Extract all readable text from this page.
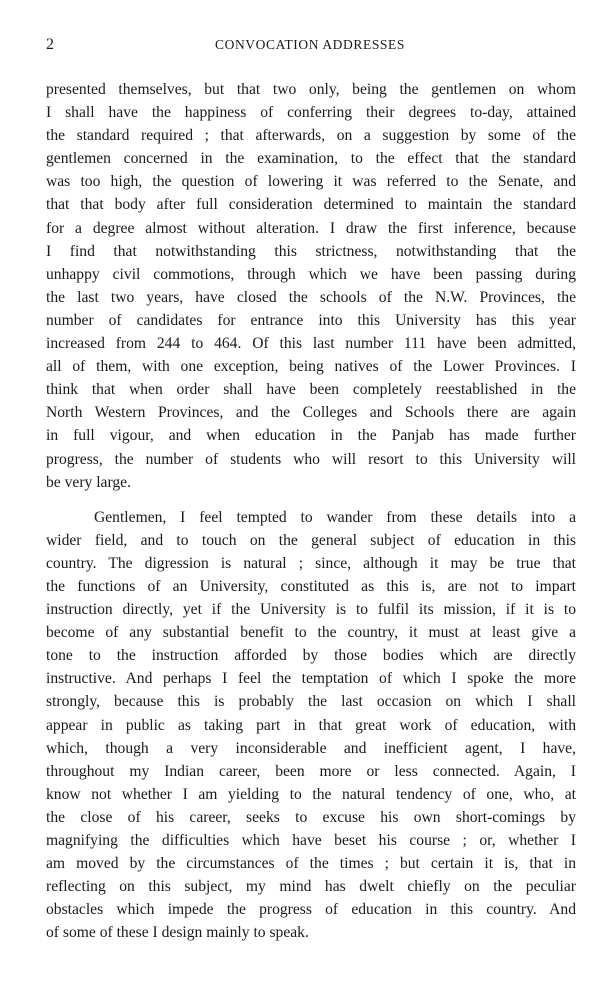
2	CONVOCATION ADDRESSES

presented themselves, but that two only, being the gentlemen on whom
I shall have the happiness of conferring their degrees to-day, attained
the standard required ; that afterwards, on a suggestion by some of the
gentlemen concerned in the examination, to the effect that the standard
was too high, the question of lowering it was referred to the Senate, and
that that body after full consideration determined to maintain the standard
for a degree almost without alteration. I draw the first inference, because
I find that notwithstanding this strictness, notwithstanding that the
unhappy civil commotions, through which we have been passing during
the last two years, have closed the schools of the N.W. Provinces, the
number of candidates for entrance into this University has this year
increased from 244 to 464. Of this last number 111 have been admitted,
all of them, with one exception, being natives of the Lower Provinces. I
think that when order shall have been completely reestablished in the
North Western Provinces, and the Colleges and Schools there are again
in full vigour, and when education in the Panjab has made further
progress, the number of students who will resort to this University will
be very large.

Gentlemen, I feel tempted to wander from these details into a
wider field, and to touch on the general subject of education in this
country. The digression is natural ; since, although it may be true that
the functions of an University, constituted as this is, are not to impart
instruction directly, yet if the University is to fulfil its mission, if it is to
become of any substantial benefit to the country, it must at least give a
tone to the instruction afforded by those bodies which are directly
instructive. And perhaps I feel the temptation of which I spoke the more
strongly, because this is probably the last occasion on which I shall
appear in public as taking part in that great work of education, with
which, though a very inconsiderable and inefficient agent, I have,
throughout my Indian career, been more or less connected. Again, I
know not whether I am yielding to the natural tendency of one, who, at
the close of his career, seeks to excuse his own short-comings by
magnifying the difficulties which have beset his course ; or, whether I
am moved by the circumstances of the times ; but certain it is, that in
reflecting on this subject, my mind has dwelt chiefly on the peculiar
obstacles which impede the progress of education in this country. And
of some of these I design mainly to speak.
